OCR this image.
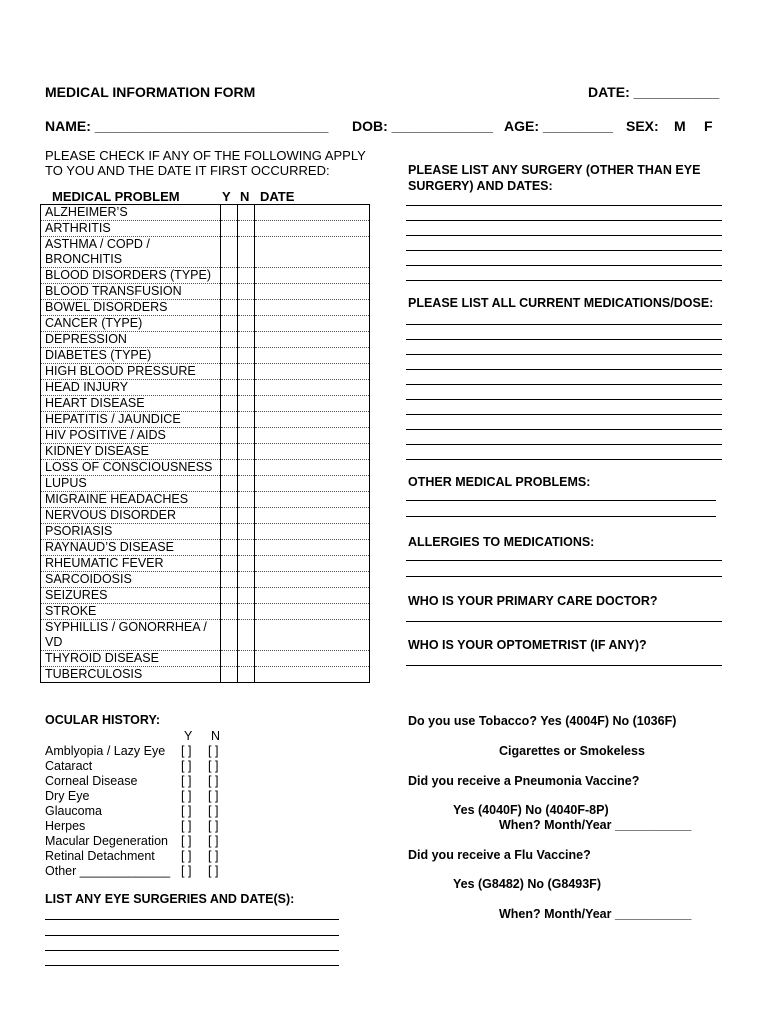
MEDICAL INFORMATION FORM	DATE: ___________
NAME: ______________________________ DOB: _____________ AGE: _________ SEX: M F
PLEASE CHECK IF ANY OF THE FOLLOWING APPLY
TO YOU AND THE DATE IT FIRST OCCURRED:
MEDICAL PROBLEM	Y N DATE
ALZHEIMER’S			
ARTHRITIS			
ASTHMA / COPD / BRONCHITIS			
BLOOD DISORDERS (TYPE)			
BLOOD TRANSFUSION			
BOWEL DISORDERS			
CANCER (TYPE)			
DEPRESSION			
DIABETES (TYPE)			
HIGH BLOOD PRESSURE			
HEAD INJURY			
HEART DISEASE			
HEPATITIS / JAUNDICE			
HIV POSITIVE / AIDS			
KIDNEY DISEASE			
LOSS OF CONSCIOUSNESS			
LUPUS			
MIGRAINE HEADACHES			
NERVOUS DISORDER			
PSORIASIS			
RAYNAUD’S DISEASE			
RHEUMATIC FEVER			
SARCOIDOSIS			
SEIZURES			
STROKE			
SYPHILLIS / GONORRHEA / VD			
THYROID DISEASE			
TUBERCULOSIS			
PLEASE LIST ANY SURGERY (OTHER THAN EYE
SURGERY) AND DATES:
PLEASE LIST ALL CURRENT MEDICATIONS/DOSE:
OTHER MEDICAL PROBLEMS:
ALLERGIES TO MEDICATIONS:
WHO IS YOUR PRIMARY CARE DOCTOR?
WHO IS YOUR OPTOMETRIST (IF ANY)?
OCULAR HISTORY:
Y N
Amblyopia / Lazy Eye [ ] [ ]
Cataract	[ ] [ ]
Corneal Disease	[ ] [ ]
Dry Eye	[ ] [ ]
Glaucoma	[ ] [ ]
Herpes	[ ] [ ]
Macular Degeneration [ ] [ ]
Retinal Detachment [ ] [ ]
Other _____________ [ ] [ ]
LIST ANY EYE SURGERIES AND DATE(S):
Do you use Tobacco? Yes (4004F) No (1036F)
Cigarettes or Smokeless
Did you receive a Pneumonia Vaccine?
Yes (4040F) No (4040F-8P)
When? Month/Year ___________
Did you receive a Flu Vaccine?
Yes (G8482) No (G8493F)
When? Month/Year ___________
